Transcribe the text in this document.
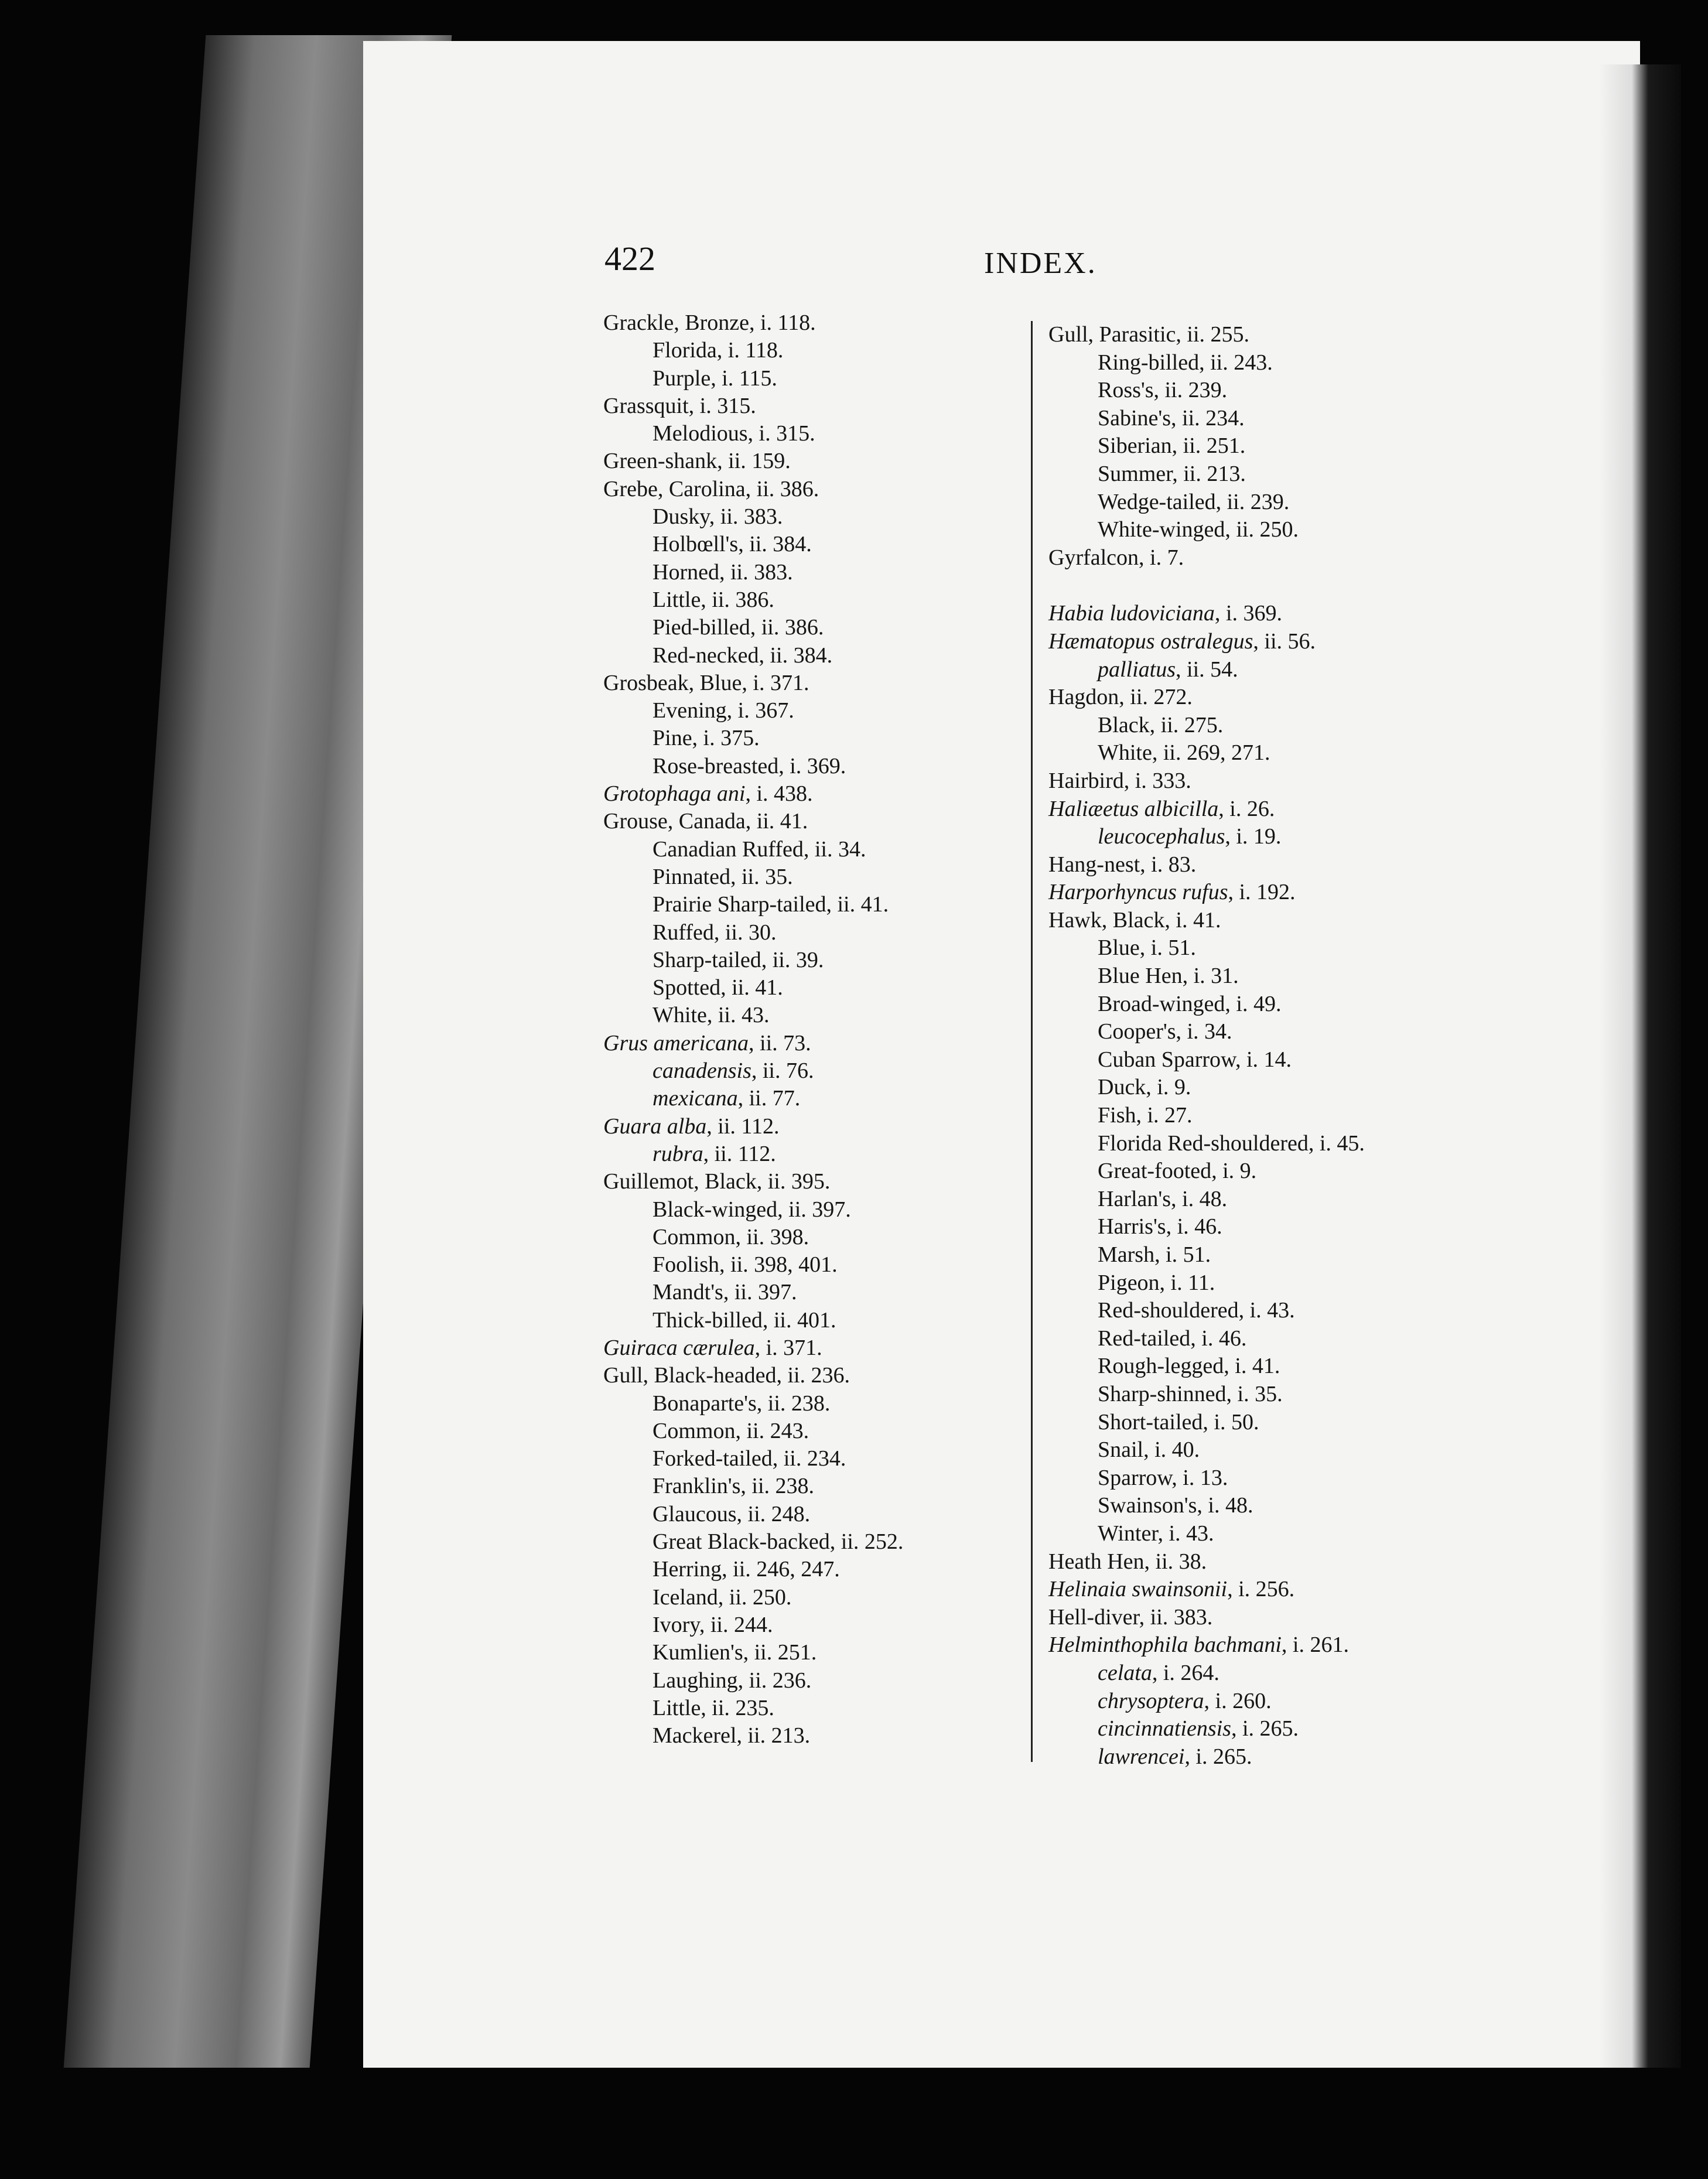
422	INDEX.
Grackle, Bronze, i. 118.
Florida, i. 118.
Purple, i. 115.
Grassquit, i. 315.
Melodious, i. 315.
Green-shank, ii. 159.
Grebe, Carolina, ii. 386.
Dusky, ii. 383.
Holbœll's, ii. 384.
Horned, ii. 383.
Little, ii. 386.
Pied-billed, ii. 386.
Red-necked, ii. 384.
Grosbeak, Blue, i. 371.
Evening, i. 367.
Pine, i. 375.
Rose-breasted, i. 369.
Grotophaga ani, i. 438.
Grouse, Canada, ii. 41.
Canadian Ruffed, ii. 34.
Pinnated, ii. 35.
Prairie Sharp-tailed, ii. 41.
Ruffed, ii. 30.
Sharp-tailed, ii. 39.
Spotted, ii. 41.
White, ii. 43.
Grus americana, ii. 73.
canadensis, ii. 76.
mexicana, ii. 77.
Guara alba, ii. 112.
rubra, ii. 112.
Guillemot, Black, ii. 395.
Black-winged, ii. 397.
Common, ii. 398.
Foolish, ii. 398, 401.
Mandt's, ii. 397.
Thick-billed, ii. 401.
Guiraca cærulea, i. 371.
Gull, Black-headed, ii. 236.
Bonaparte's, ii. 238.
Common, ii. 243.
Forked-tailed, ii. 234.
Franklin's, ii. 238.
Glaucous, ii. 248.
Great Black-backed, ii. 252.
Herring, ii. 246, 247.
Iceland, ii. 250.
Ivory, ii. 244.
Kumlien's, ii. 251.
Laughing, ii. 236.
Little, ii. 235.
Mackerel, ii. 213.
Gull, Parasitic, ii. 255.
Ring-billed, ii. 243.
Ross's, ii. 239.
Sabine's, ii. 234.
Siberian, ii. 251.
Summer, ii. 213.
Wedge-tailed, ii. 239.
White-winged, ii. 250.
Gyrfalcon, i. 7.
Habia ludoviciana, i. 369.
Hæmatopus ostralegus, ii. 56.
palliatus, ii. 54.
Hagdon, ii. 272.
Black, ii. 275.
White, ii. 269, 271.
Hairbird, i. 333.
Haliæetus albicilla, i. 26.
leucocephalus, i. 19.
Hang-nest, i. 83.
Harporhyncus rufus, i. 192.
Hawk, Black, i. 41.
Blue, i. 51.
Blue Hen, i. 31.
Broad-winged, i. 49.
Cooper's, i. 34.
Cuban Sparrow, i. 14.
Duck, i. 9.
Fish, i. 27.
Florida Red-shouldered, i. 45.
Great-footed, i. 9.
Harlan's, i. 48.
Harris's, i. 46.
Marsh, i. 51.
Pigeon, i. 11.
Red-shouldered, i. 43.
Red-tailed, i. 46.
Rough-legged, i. 41.
Sharp-shinned, i. 35.
Short-tailed, i. 50.
Snail, i. 40.
Sparrow, i. 13.
Swainson's, i. 48.
Winter, i. 43.
Heath Hen, ii. 38.
Helinaia swainsonii, i. 256.
Hell-diver, ii. 383.
Helminthophila bachmani, i. 261.
celata, i. 264.
chrysoptera, i. 260.
cincinnatiensis, i. 265.
lawrencei, i. 265.
